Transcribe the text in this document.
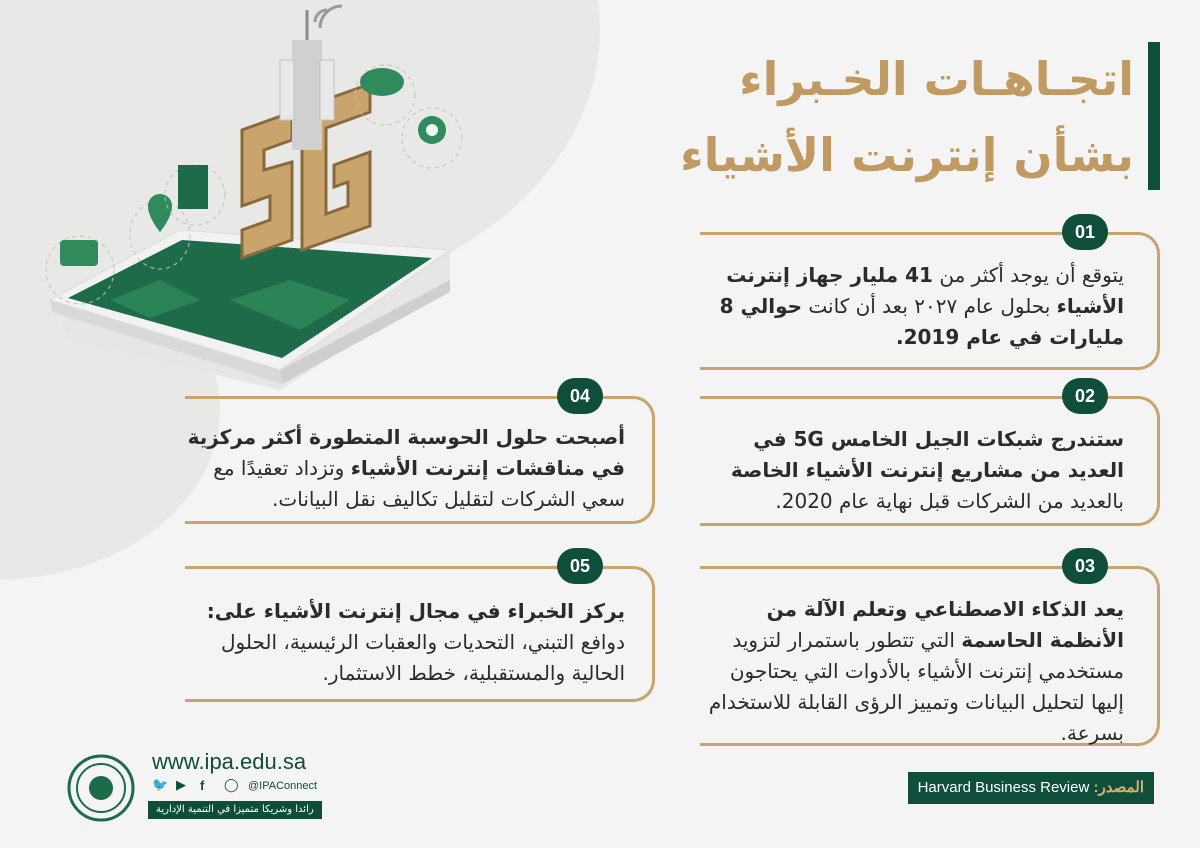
اتجـاهـات الخـبراء
بشأن إنترنت الأشياء
01
يتوقع أن يوجد أكثر من 41 مليار جهاز إنترنت الأشياء بحلول عام ٢٠٢٧ بعد أن كانت حوالي 8 مليارات في عام 2019.
02
ستندرج شبكات الجيل الخامس 5G في العديد من مشاريع إنترنت الأشياء الخاصة بالعديد من الشركات قبل نهاية عام 2020.
03
يعد الذكاء الاصطناعي وتعلم الآلة من الأنظمة الحاسمة التي تتطور باستمرار لتزويد مستخدمي إنترنت الأشياء بالأدوات التي يحتاجون إليها لتحليل البيانات وتمييز الرؤى القابلة للاستخدام بسرعة.
04
أصبحت حلول الحوسبة المتطورة أكثر مركزية في مناقشات إنترنت الأشياء وتزداد تعقيدًا مع سعي الشركات لتقليل تكاليف نقل البيانات.
05
يركز الخبراء في مجال إنترنت الأشياء على: دوافع التبني، التحديات والعقبات الرئيسية، الحلول الحالية والمستقبلية، خطط الاستثمار.
المصدر: Harvard Business Review
www.ipa.edu.sa
🐦 ▶	f	◯ @IPAConnect
رائدا وشريكا متميزا في التنمية الإدارية
